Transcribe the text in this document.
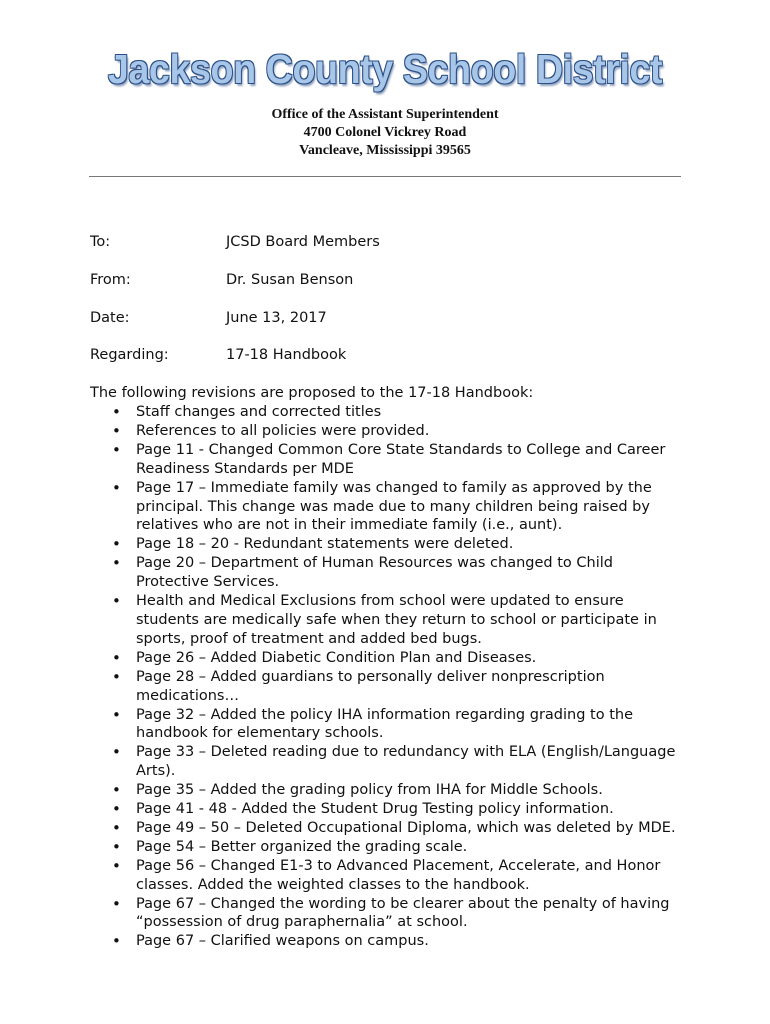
Jackson County School District
Office of the Assistant Superintendent
4700 Colonel Vickrey Road
Vancleave, Mississippi 39565
To:	JCSD Board Members
From:	Dr. Susan Benson
Date:	June 13, 2017
Regarding:	17-18 Handbook
The following revisions are proposed to the 17-18 Handbook:
• Staff changes and corrected titles
• References to all policies were provided.
• Page 11 - Changed Common Core State Standards to College and Career Readiness Standards per MDE
• Page 17 – Immediate family was changed to family as approved by the principal. This change was made due to many children being raised by relatives who are not in their immediate family (i.e., aunt).
• Page 18 – 20 - Redundant statements were deleted.
• Page 20 – Department of Human Resources was changed to Child Protective Services.
• Health and Medical Exclusions from school were updated to ensure students are medically safe when they return to school or participate in sports, proof of treatment and added bed bugs.
• Page 26 – Added Diabetic Condition Plan and Diseases.
• Page 28 – Added guardians to personally deliver nonprescription medications…
• Page 32 – Added the policy IHA information regarding grading to the handbook for elementary schools.
• Page 33 – Deleted reading due to redundancy with ELA (English/Language Arts).
• Page 35 – Added the grading policy from IHA for Middle Schools.
• Page 41 - 48 - Added the Student Drug Testing policy information.
• Page 49 – 50 – Deleted Occupational Diploma, which was deleted by MDE.
• Page 54 – Better organized the grading scale.
• Page 56 – Changed E1-3 to Advanced Placement, Accelerate, and Honor classes. Added the weighted classes to the handbook.
• Page 67 – Changed the wording to be clearer about the penalty of having “possession of drug paraphernalia” at school.
• Page 67 – Clarified weapons on campus.
